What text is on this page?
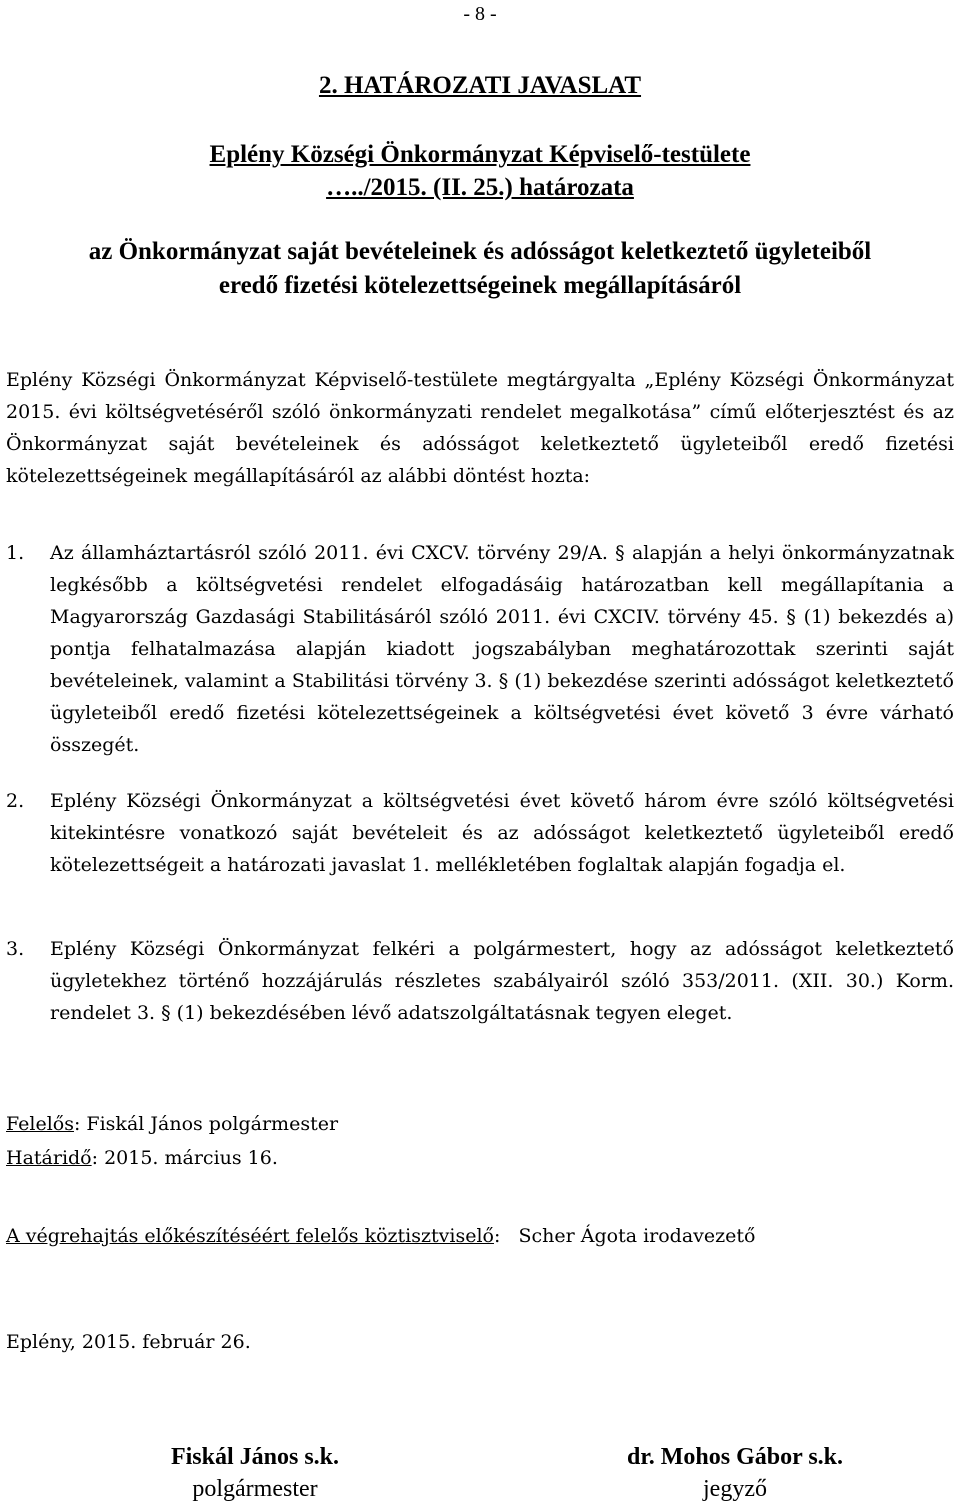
- 8 -
2. HATÁROZATI JAVASLAT
Eplény Községi Önkormányzat Képviselő-testülete
…../2015. (II. 25.) határozata
az Önkormányzat saját bevételeinek és adósságot keletkeztető ügyleteiből
eredő fizetési kötelezettségeinek megállapításáról
Eplény Községi Önkormányzat Képviselő-testülete megtárgyalta „Eplény Községi Önkormányzat 2015. évi költségvetéséről szóló önkormányzati rendelet megalkotása” című előterjesztést és az Önkormányzat saját bevételeinek és adósságot keletkeztető ügyleteiből eredő fizetési kötelezettségeinek megállapításáról az alábbi döntést hozta:
1.	Az államháztartásról szóló 2011. évi CXCV. törvény 29/A. § alapján a helyi önkormányzatnak legkésőbb a költségvetési rendelet elfogadásáig határozatban kell megállapítania a Magyarország Gazdasági Stabilitásáról szóló 2011. évi CXCIV. törvény 45. § (1) bekezdés a) pontja felhatalmazása alapján kiadott jogszabályban meghatározottak szerinti saját bevételeinek, valamint a Stabilitási törvény 3. § (1) bekezdése szerinti adósságot keletkeztető ügyleteiből eredő fizetési kötelezettségeinek a költségvetési évet követő 3 évre várható összegét.
2.	Eplény Községi Önkormányzat a költségvetési évet követő három évre szóló költségvetési kitekintésre vonatkozó saját bevételeit és az adósságot keletkeztető ügyleteiből eredő kötelezettségeit a határozati javaslat 1. mellékletében foglaltak alapján fogadja el.
3.	Eplény Községi Önkormányzat felkéri a polgármestert, hogy az adósságot keletkeztető ügyletekhez történő hozzájárulás részletes szabályairól szóló 353/2011. (XII. 30.) Korm. rendelet 3. § (1) bekezdésében lévő adatszolgáltatásnak tegyen eleget.
Felelős: Fiskál János polgármester
Határidő: 2015. március 16.
A végrehajtás előkészítéséért felelős köztisztviselő:   Scher Ágota irodavezető
Eplény, 2015. február 26.
Fiskál János s.k.
polgármester
dr. Mohos Gábor s.k.
jegyző
